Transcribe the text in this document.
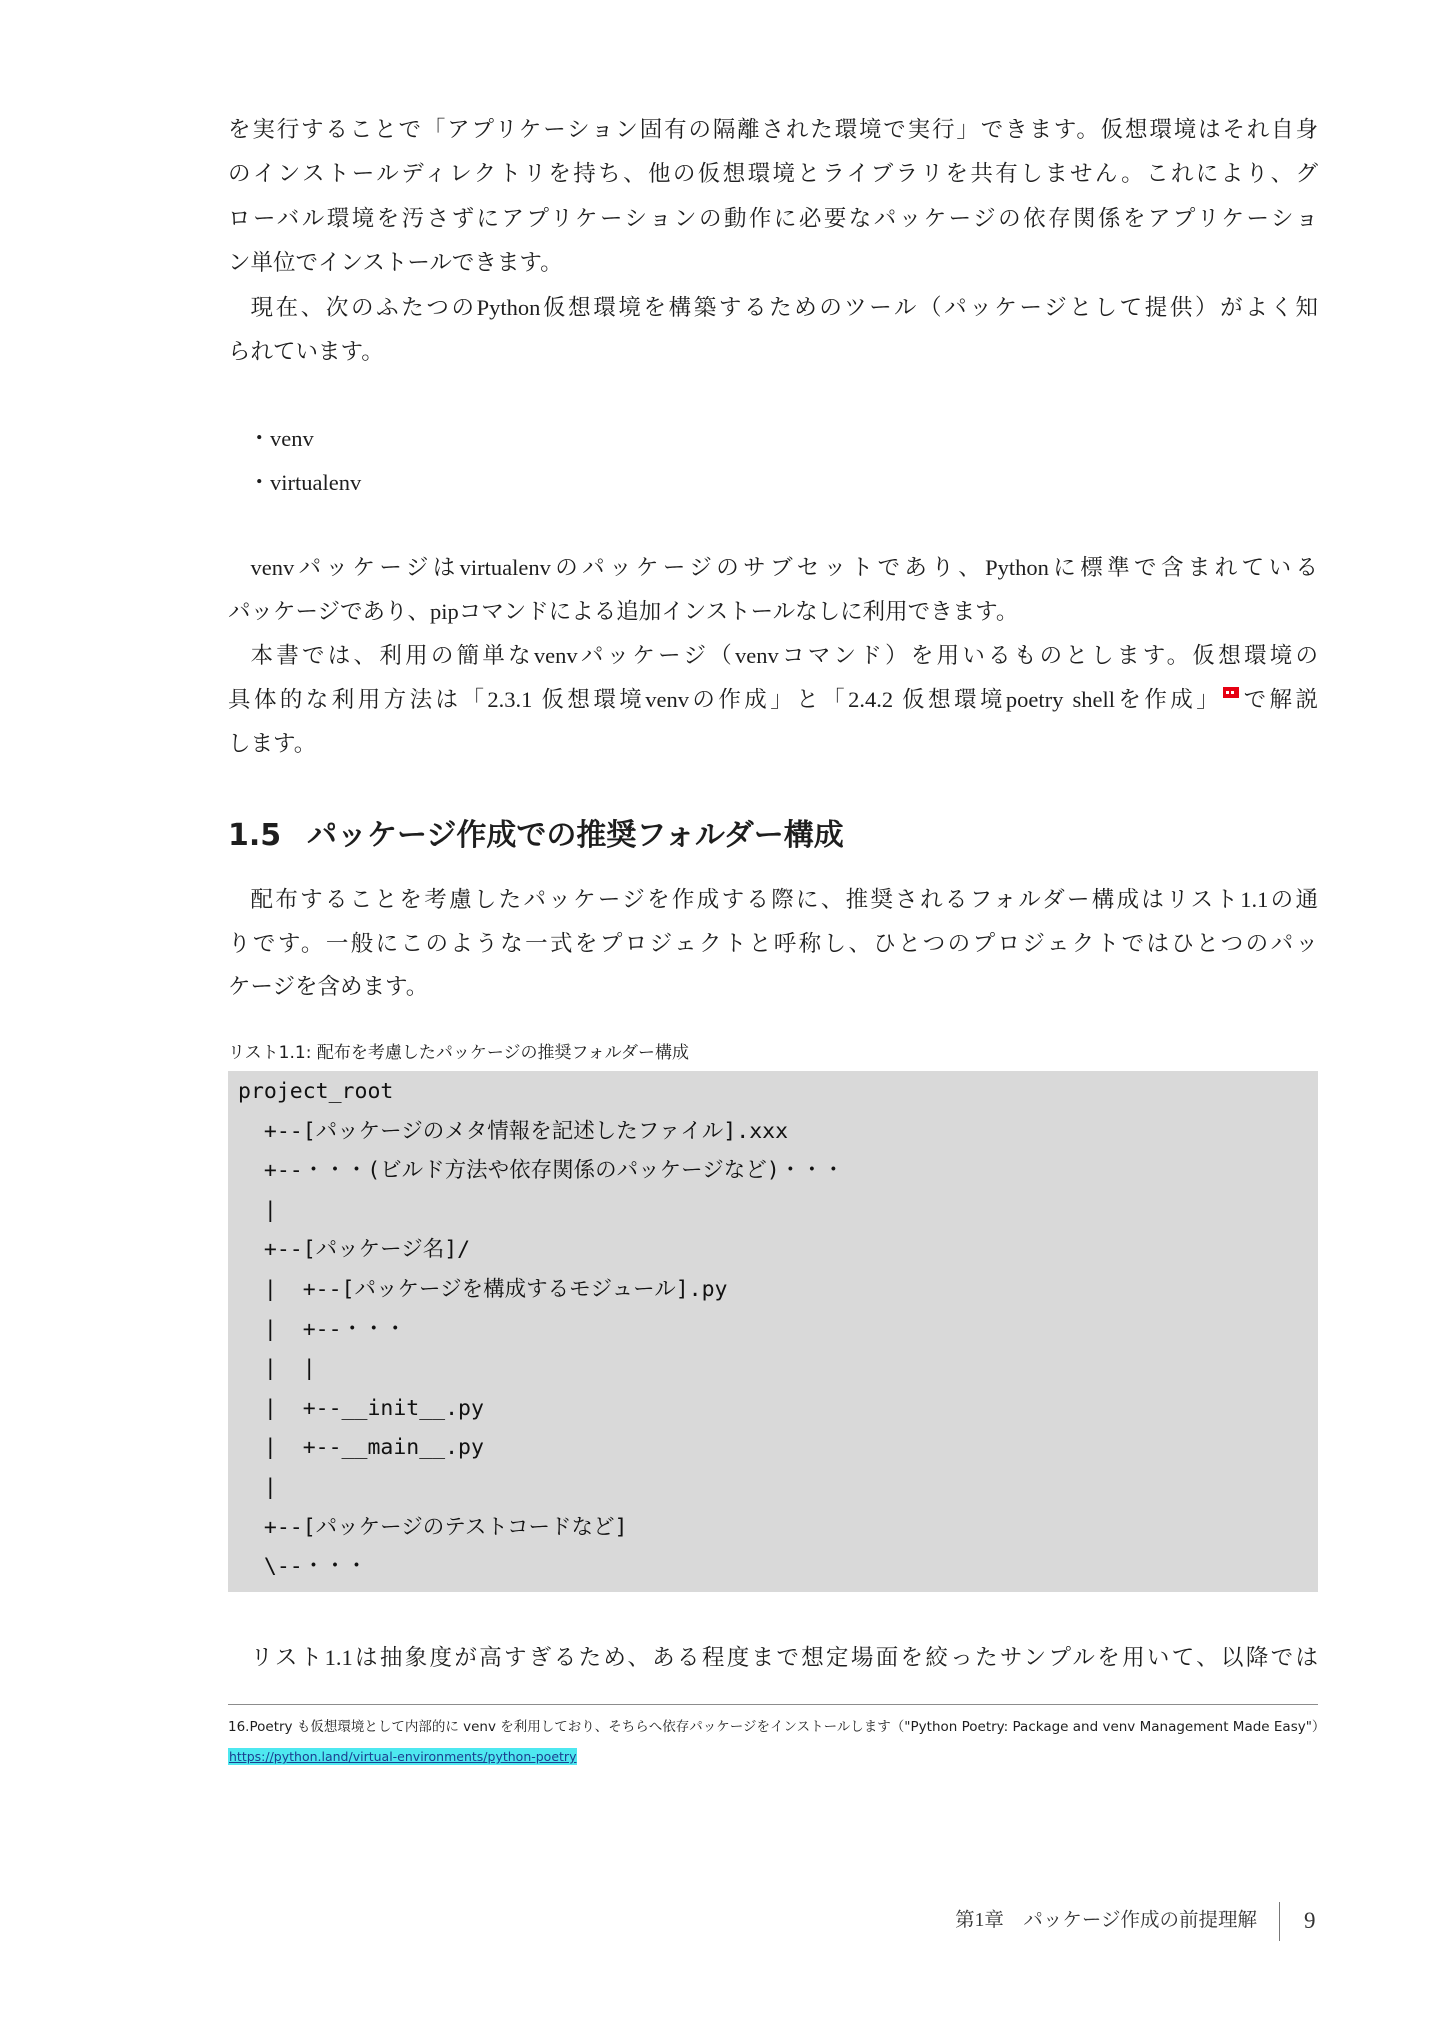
を実行することで「アプリケーション固有の隔離された環境で実行」できます。仮想環境はそれ自身
のインストールディレクトリを持ち、他の仮想環境とライブラリを共有しません。これにより、グ
ローバル環境を汚さずにアプリケーションの動作に必要なパッケージの依存関係をアプリケーショ
ン単位でインストールできます。
現在、次のふたつのPython仮想環境を構築するためのツール（パッケージとして提供）がよく知
られています。
・venv
・virtualenv
venvパッケージはvirtualenvのパッケージのサブセットであり、Pythonに標準で含まれている
パッケージであり、pipコマンドによる追加インストールなしに利用できます。
本書では、利用の簡単なvenvパッケージ（venvコマンド）を用いるものとします。仮想環境の
具体的な利用方法は「2.3.1 仮想環境venvの作成」と「2.4.2 仮想環境poetry shellを作成」 で解説
します。
1.5 パッケージ作成での推奨フォルダー構成
配布することを考慮したパッケージを作成する際に、推奨されるフォルダー構成はリスト1.1の通
りです。一般にこのような一式をプロジェクトと呼称し、ひとつのプロジェクトではひとつのパッ
ケージを含めます。
リスト1.1: 配布を考慮したパッケージの推奨フォルダー構成
project_root
+--[パッケージのメタ情報を記述したファイル].xxx
+--・・・(ビルド方法や依存関係のパッケージなど)・・・
|
+--[パッケージ名]/
|  +--[パッケージを構成するモジュール].py
|  +--・・・
|  |
|  +--__init__.py
|  +--__main__.py
|
+--[パッケージのテストコードなど]
\--・・・
リスト1.1は抽象度が高すぎるため、ある程度まで想定場面を絞ったサンプルを用いて、以降では
16.Poetry も仮想環境として内部的に venv を利用しており、そちらへ依存パッケージをインストールします（"Python Poetry: Package and venv Management Made Easy"）
https://python.land/virtual-environments/python-poetry
第1章　パッケージ作成の前提理解 9
